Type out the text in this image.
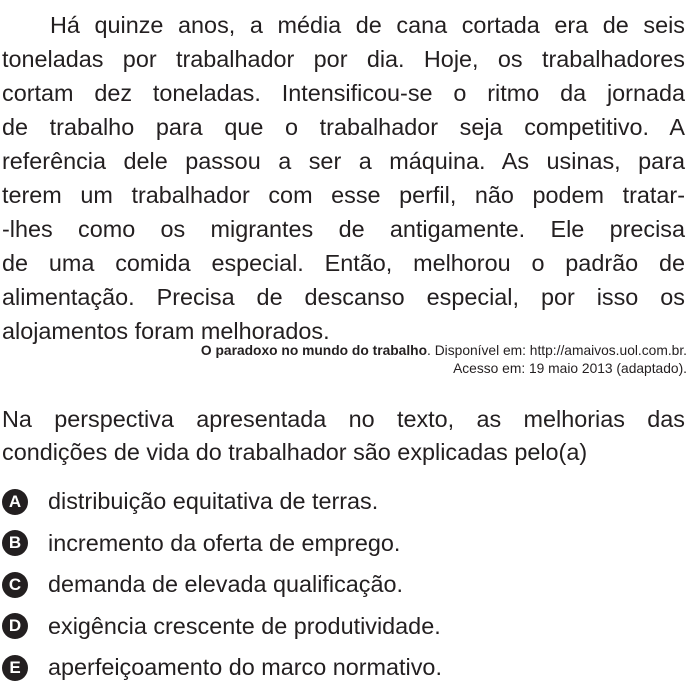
Há quinze anos, a média de cana cortada era de seis
toneladas por trabalhador por dia. Hoje, os trabalhadores
cortam dez toneladas. Intensificou-se o ritmo da jornada
de trabalho para que o trabalhador seja competitivo. A
referência dele passou a ser a máquina. As usinas, para
terem um trabalhador com esse perfil, não podem tratar-
-lhes como os migrantes de antigamente. Ele precisa
de uma comida especial. Então, melhorou o padrão de
alimentação. Precisa de descanso especial, por isso os
alojamentos foram melhorados.
O paradoxo no mundo do trabalho. Disponível em: http://amaivos.uol.com.br.
Acesso em: 19 maio 2013 (adaptado).
Na perspectiva apresentada no texto, as melhorias das
condições de vida do trabalhador são explicadas pelo(a)
A distribuição equitativa de terras.
B incremento da oferta de emprego.
C demanda de elevada qualificação.
D exigência crescente de produtividade.
E	aperfeiçoamento do marco normativo.
